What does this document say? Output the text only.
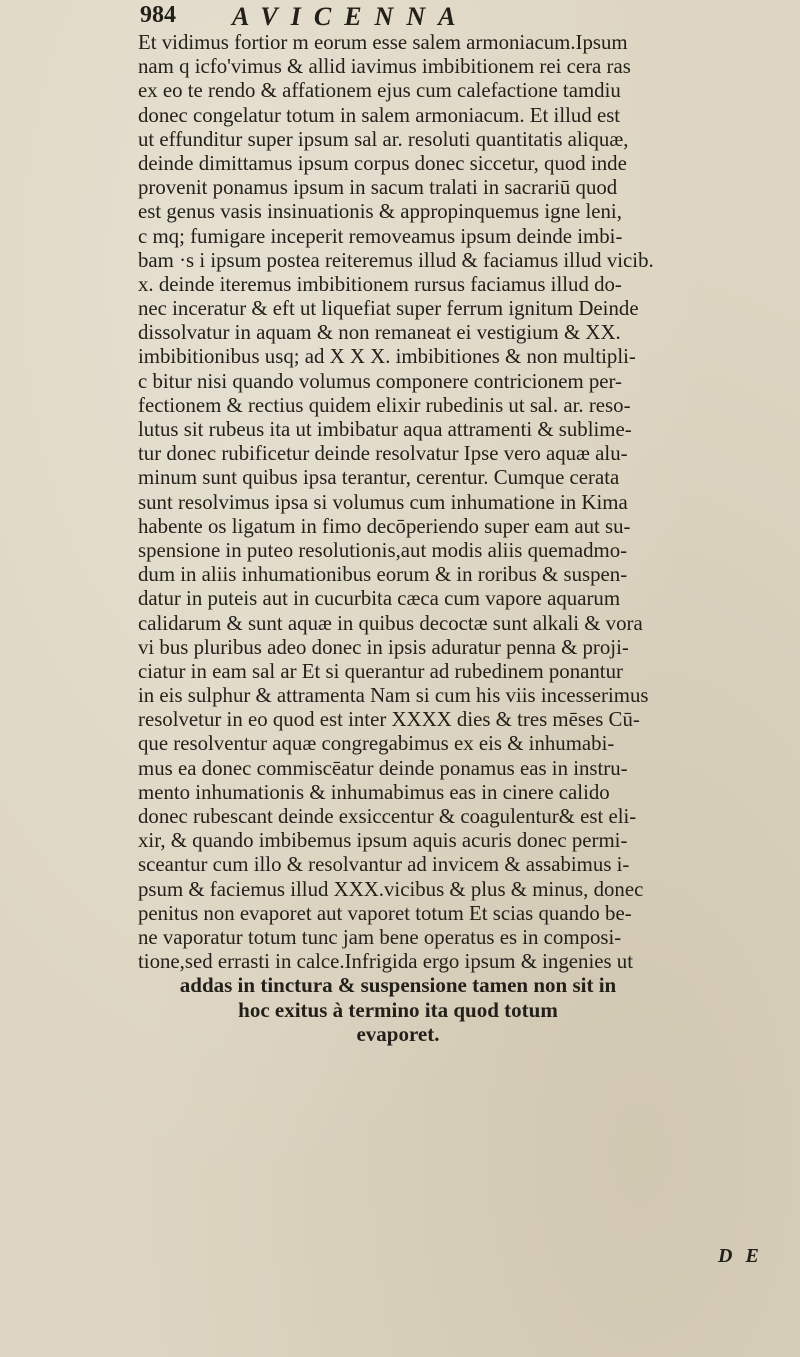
984 AVICENNA
Et vidimus fortior m eorum esse salem armoniacum.Ipsum
nam q icfo'vimus & allid iavimus imbibitionem rei cera ras
ex eo te rendo & affationem ejus cum calefactione tamdiu
donec congelatur totum in salem armoniacum. Et illud est
ut effunditur super ipsum sal ar. resoluti quantitatis aliquæ,
deinde dimittamus ipsum corpus donec siccetur, quod inde
provenit ponamus ipsum in sacum tralati in sacrariū quod
est genus vasis insinuationis & appropinquemus igne leni,
c mq; fumigare inceperit removeamus ipsum deinde imbi-
bam ·s i ipsum postea reiteremus illud & faciamus illud vicib.
x. deinde iteremus imbibitionem rursus faciamus illud do-
nec inceratur & eft ut liquefiat super ferrum ignitum Deinde
dissolvatur in aquam & non remaneat ei vestigium & XX.
imbibitionibus usq; ad X X X. imbibitiones & non multipli-
c bitur nisi quando volumus componere contricionem per-
fectionem & rectius quidem elixir rubedinis ut sal. ar. reso-
lutus sit rubeus ita ut imbibatur aqua attramenti & sublime-
tur donec rubificetur deinde resolvatur Ipse vero aquæ alu-
minum sunt quibus ipsa terantur, cerentur. Cumque cerata
sunt resolvimus ipsa si volumus cum inhumatione in Kima
habente os ligatum in fimo decōperiendo super eam aut su-
spensione in puteo resolutionis,aut modis aliis quemadmo-
dum in aliis inhumationibus eorum & in roribus & suspen-
datur in puteis aut in cucurbita cæca cum vapore aquarum
calidarum & sunt aquæ in quibus decoctæ sunt alkali & vora
vi bus pluribus adeo donec in ipsis aduratur penna & proji-
ciatur in eam sal ar Et si querantur ad rubedinem ponantur
in eis sulphur & attramenta Nam si cum his viis incesserimus
resolvetur in eo quod est inter XXXX dies & tres mēses Cū-
que resolventur aquæ congregabimus ex eis & inhumabi-
mus ea donec commiscēatur deinde ponamus eas in instru-
mento inhumationis & inhumabimus eas in cinere calido
donec rubescant deinde exsiccentur & coagulentur& est eli-
xir, & quando imbibemus ipsum aquis acuris donec permi-
sceantur cum illo & resolvantur ad invicem & assabimus i-
psum & faciemus illud XXX.vicibus & plus & minus, donec
penitus non evaporet aut vaporet totum Et scias quando be-
ne vaporatur totum tunc jam bene operatus es in composi-
tione,sed errasti in calce.Infrigida ergo ipsum & ingenies ut
addas in tinctura & suspensione tamen non sit in
hoc exitus à termino ita quod totum
evaporet.
D E
